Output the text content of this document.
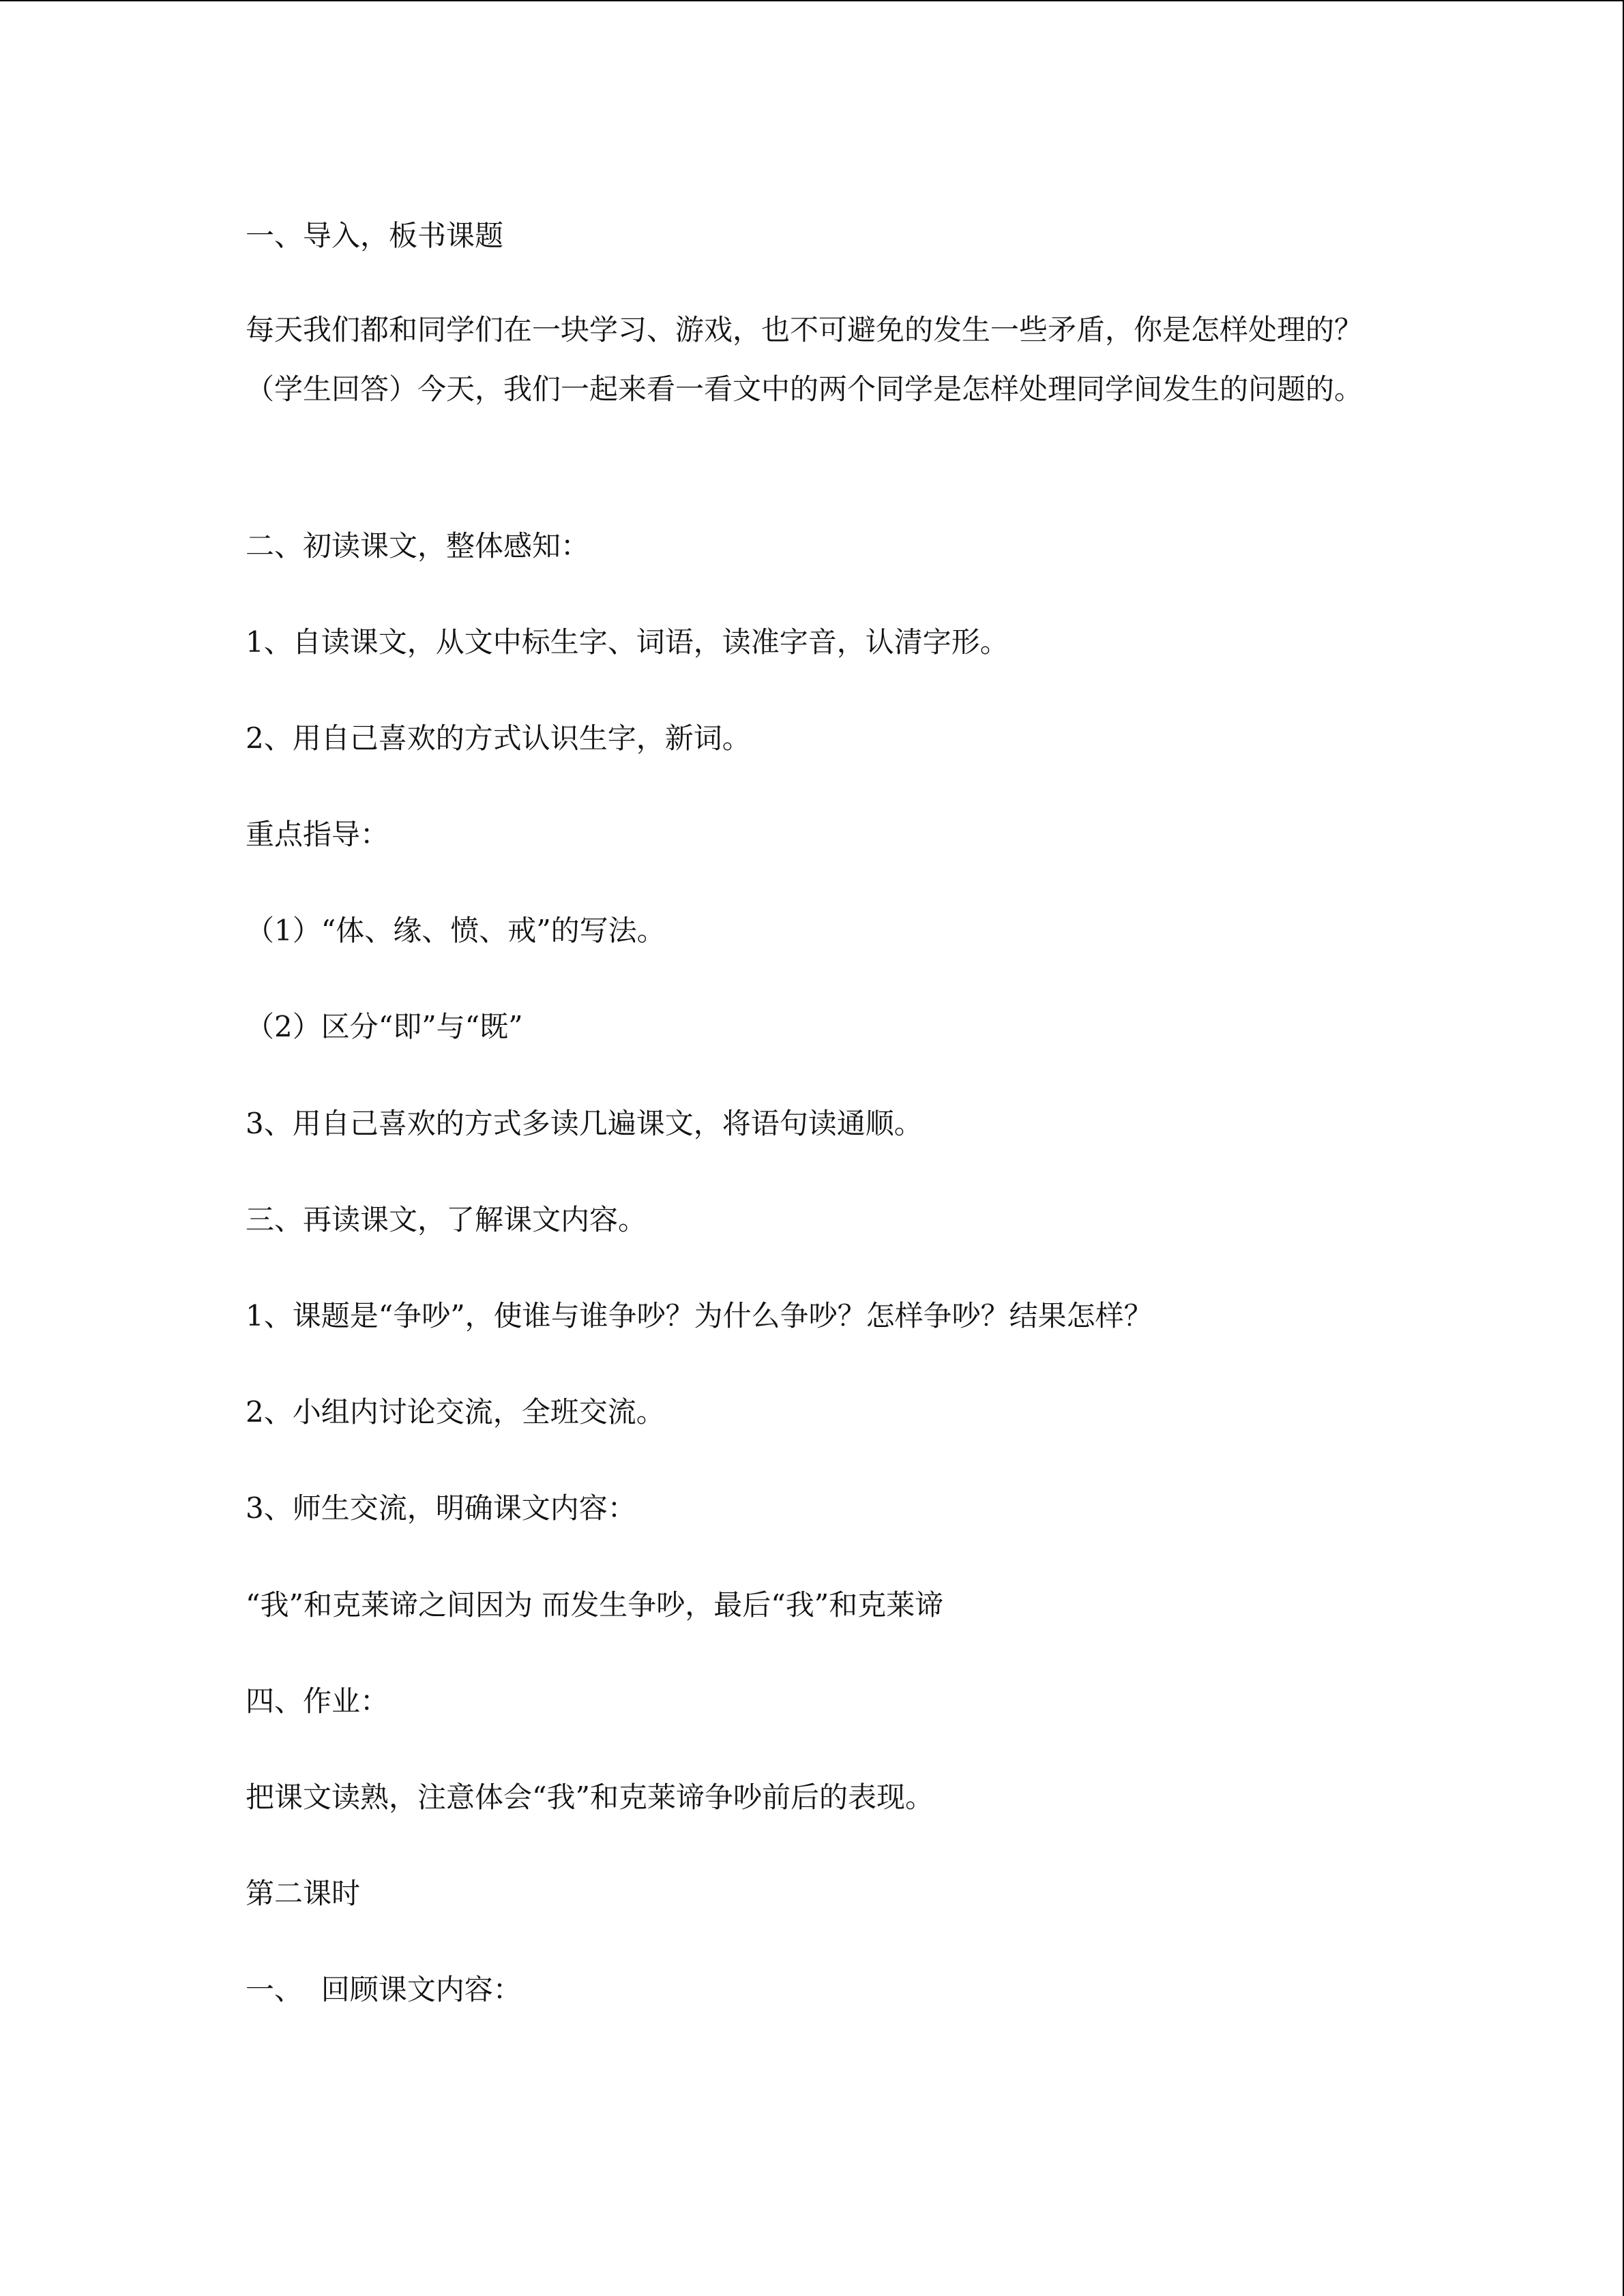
一、导入，板书课题

每天我们都和同学们在一块学习、游戏，也不可避免的发生一些矛盾，你是怎样处理的？（学生回答）今天，我们一起来看一看文中的两个同学是怎样处理同学间发生的问题的。

二、初读课文，整体感知：

1、自读课文，从文中标生字、词语，读准字音，认清字形。

2、用自己喜欢的方式认识生字，新词。

重点指导：

（1）“体、缘、愤、戒”的写法。

（2）区分“即”与“既”

3、用自己喜欢的方式多读几遍课文，将语句读通顺。

三、再读课文，了解课文内容。

1、课题是“争吵”，使谁与谁争吵？为什么争吵？怎样争吵？结果怎样？

2、小组内讨论交流，全班交流。

3、师生交流，明确课文内容：

“我”和克莱谛之间因为 而发生争吵，最后“我”和克莱谛

四、作业：

把课文读熟，注意体会“我”和克莱谛争吵前后的表现。

第二课时

一、  回顾课文内容：
